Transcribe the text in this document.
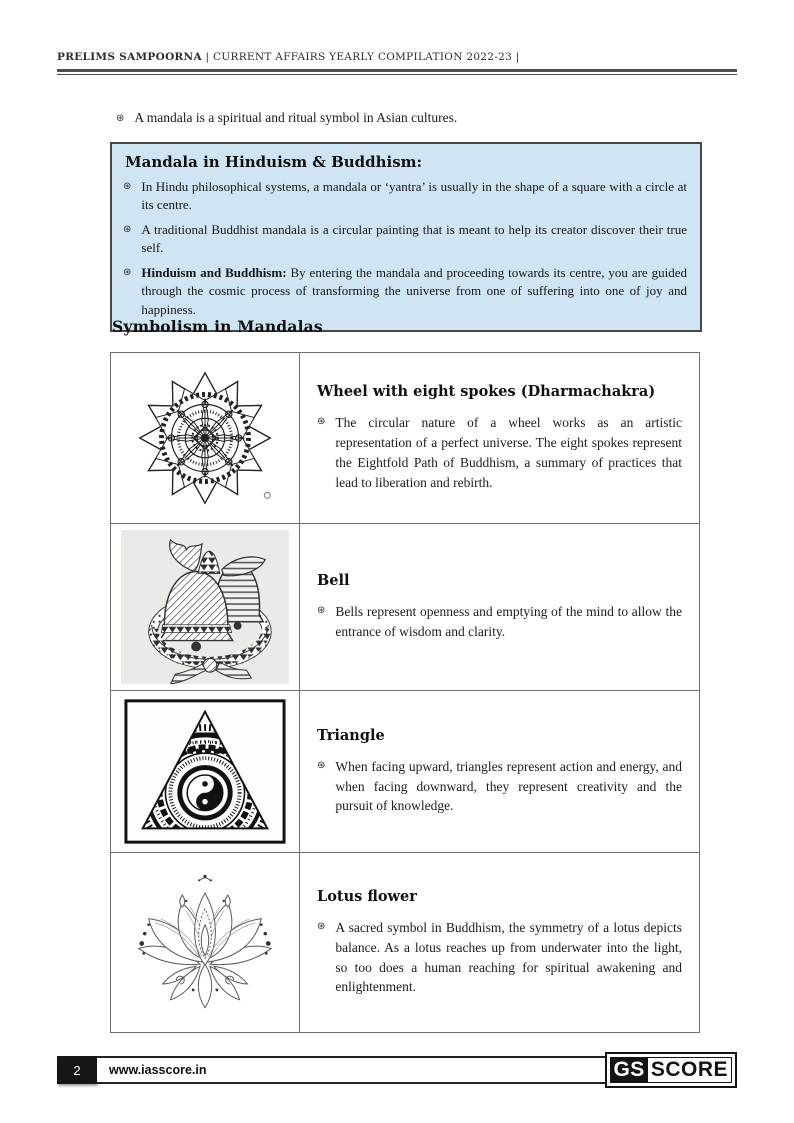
PRELIMS SAMPOORNA | CURRENT AFFAIRS YEARLY COMPILATION 2022-23 |
⊛ A mandala is a spiritual and ritual symbol in Asian cultures.

Mandala in Hinduism & Buddhism:
⊛ In Hindu philosophical systems, a mandala or ‘yantra’ is usually in the shape of a square with a circle at its centre.

⊛ A traditional Buddhist mandala is a circular painting that is meant to help its creator discover their true self.

⊛ Hinduism and Buddhism: By entering the mandala and proceeding towards its centre, you are guided through the cosmic process of transforming the universe from one of suffering into one of joy and happiness.

Symbolism in Mandalas
Wheel with eight spokes (Dharmachakra)
⊛ The circular nature of a wheel works as an artistic representation of a perfect universe. The eight spokes represent the Eightfold Path of Buddhism, a summary of practices that lead to liberation and rebirth.

Bell
⊛ Bells represent openness and emptying of the mind to allow the entrance of wisdom and clarity.

Triangle
⊛ When facing upward, triangles represent action and energy, and when facing downward, they represent creativity and the pursuit of knowledge.

Lotus flower
⊛ A sacred symbol in Buddhism, the symmetry of a lotus depicts balance. As a lotus reaches up from underwater into the light, so too does a human reaching for spiritual awakening and enlightenment.

2	www.iasscore.in	GS SCORE
